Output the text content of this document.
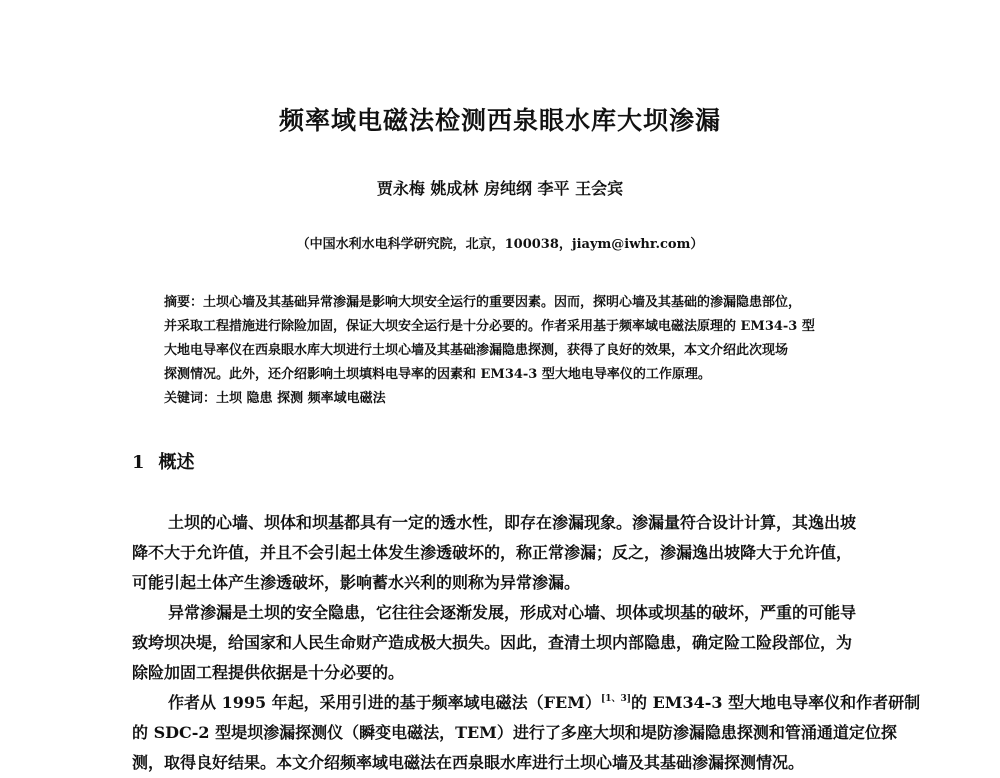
频率域电磁法检测西泉眼水库大坝渗漏
贾永梅 姚成林 房纯纲 李平 王会宾
（中国水利水电科学研究院，北京，100038，jiaym@iwhr.com）
摘要：土坝心墙及其基础异常渗漏是影响大坝安全运行的重要因素。因而，探明心墙及其基础的渗漏隐患部位，
并采取工程措施进行除险加固，保证大坝安全运行是十分必要的。作者采用基于频率域电磁法原理的 EM34-3 型
大地电导率仪在西泉眼水库大坝进行土坝心墙及其基础渗漏隐患探测，获得了良好的效果，本文介绍此次现场
探测情况。此外，还介绍影响土坝填料电导率的因素和 EM34-3 型大地电导率仪的工作原理。
关键词：土坝 隐患 探测 频率域电磁法
1 概述
土坝的心墙、坝体和坝基都具有一定的透水性，即存在渗漏现象。渗漏量符合设计计算，其逸出坡
降不大于允许值，并且不会引起土体发生渗透破坏的，称正常渗漏；反之，渗漏逸出坡降大于允许值，
可能引起土体产生渗透破坏，影响蓄水兴利的则称为异常渗漏。
异常渗漏是土坝的安全隐患，它往往会逐渐发展，形成对心墙、坝体或坝基的破坏，严重的可能导
致垮坝决堤，给国家和人民生命财产造成极大损失。因此，查清土坝内部隐患，确定险工险段部位，为
除险加固工程提供依据是十分必要的。
作者从 1995 年起，采用引进的基于频率域电磁法（FEM）[1、3]的 EM34-3 型大地电导率仪和作者研制
的 SDC-2 型堤坝渗漏探测仪（瞬变电磁法，TEM）进行了多座大坝和堤防渗漏隐患探测和管涌通道定位探
测，取得良好结果。本文介绍频率域电磁法在西泉眼水库进行土坝心墙及其基础渗漏探测情况。
